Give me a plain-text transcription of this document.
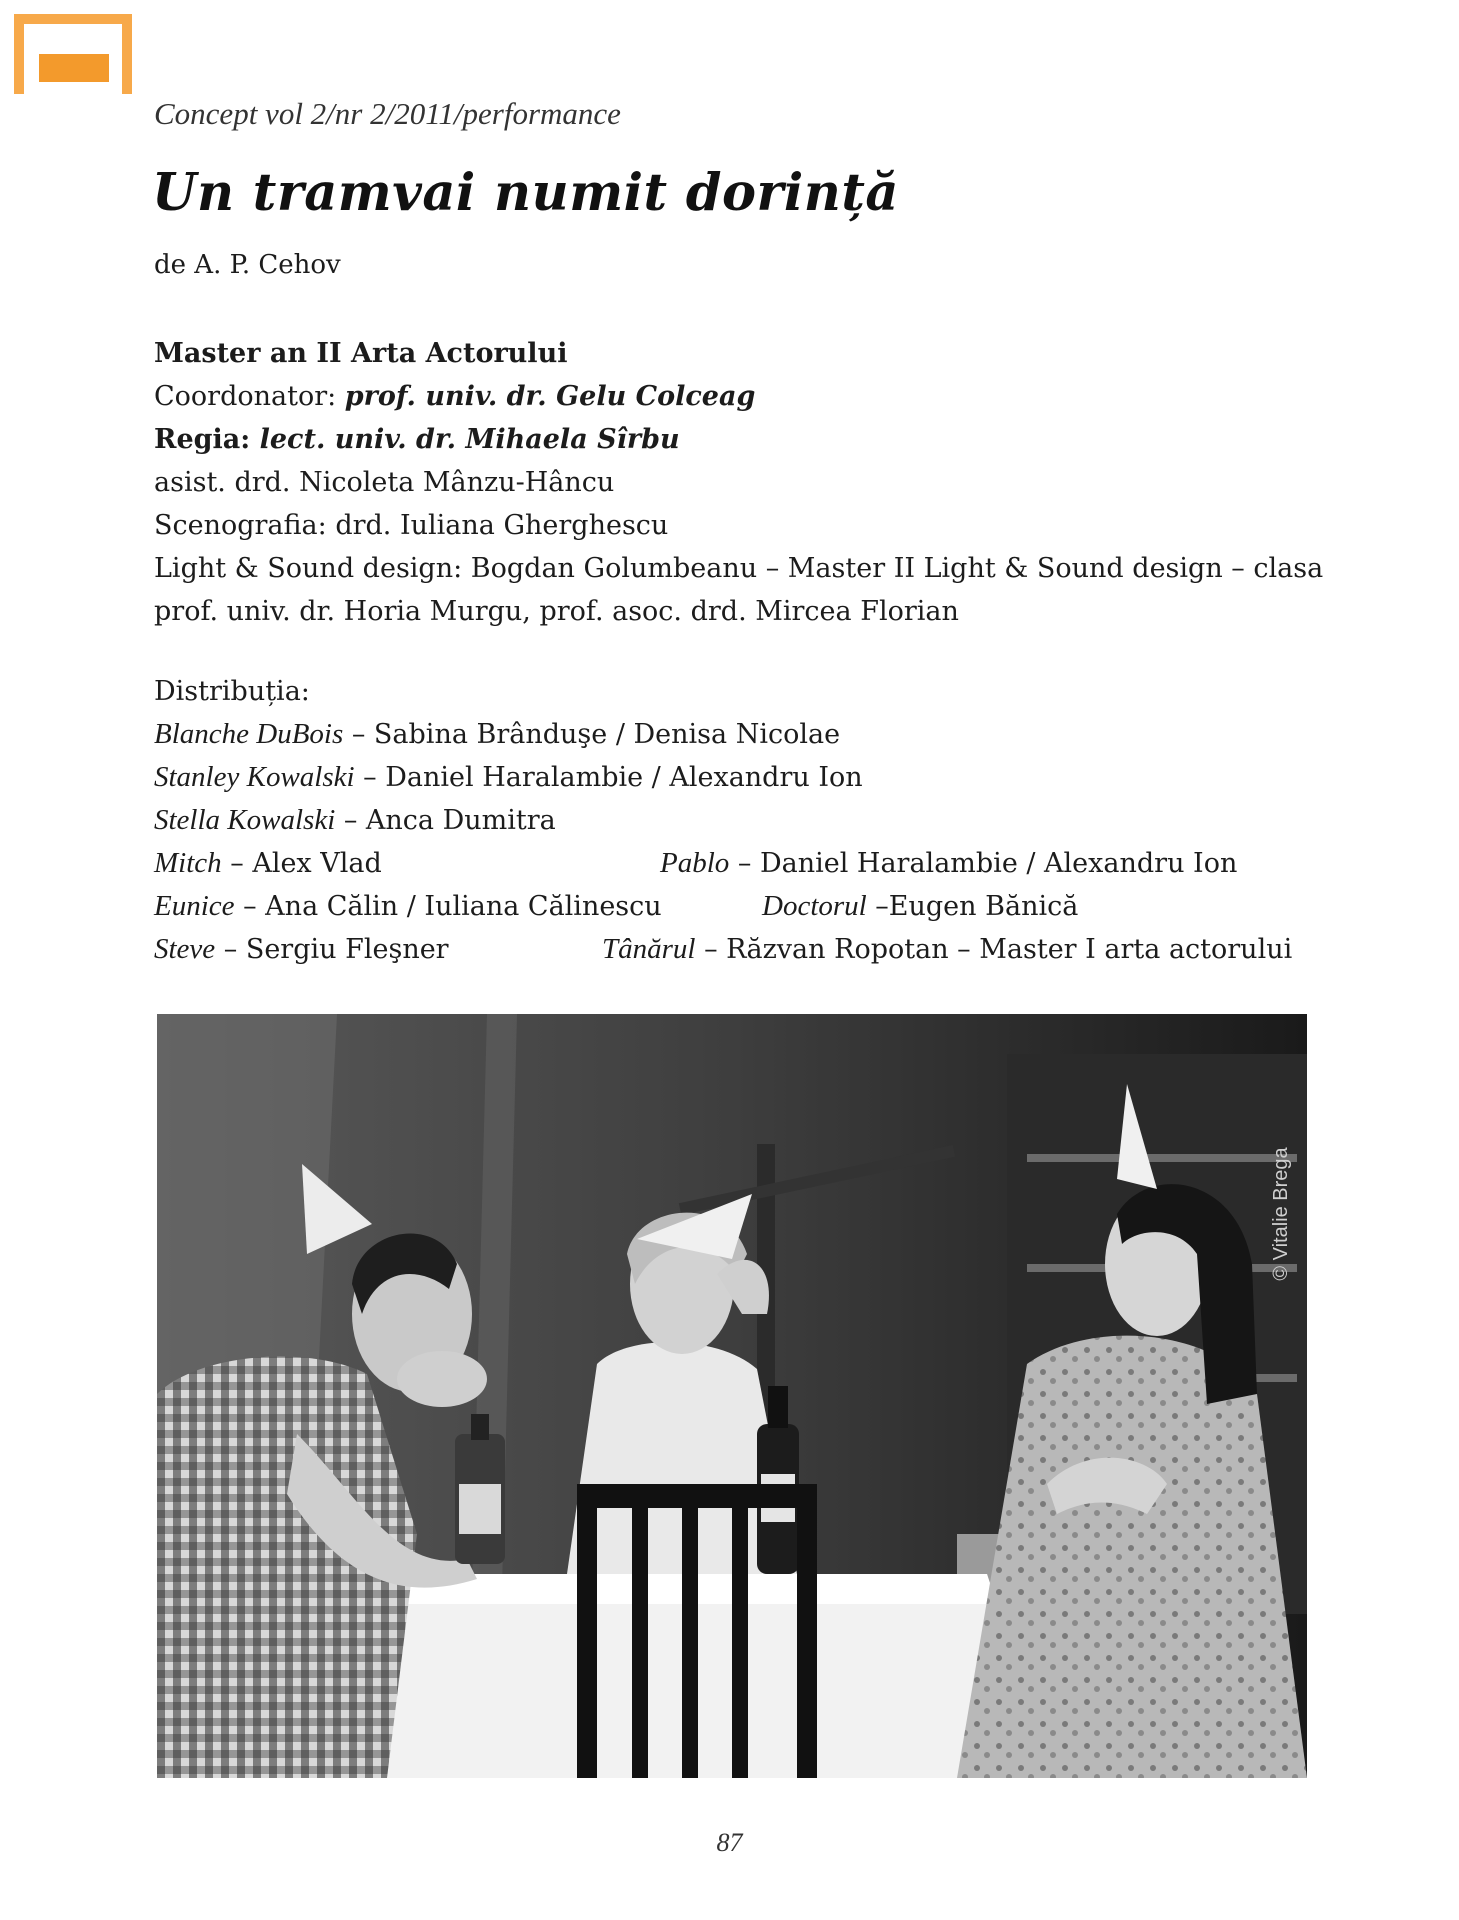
Concept vol 2/nr 2/2011/performance
Un tramvai numit dorință
de A. P. Cehov
Master an II Arta Actorului
Coordonator: prof. univ. dr. Gelu Colceag
Regia: lect. univ. dr. Mihaela Sîrbu
asist. drd. Nicoleta Mânzu-Hâncu
Scenografia: drd. Iuliana Gherghescu
Light & Sound design: Bogdan Golumbeanu – Master II Light & Sound design – clasa
prof. univ. dr. Horia Murgu, prof. asoc. drd. Mircea Florian
Distribuția:
Blanche DuBois – Sabina Brânduşe / Denisa Nicolae
Stanley Kowalski – Daniel Haralambie / Alexandru Ion
Stella Kowalski – Anca Dumitra
Mitch – Alex Vlad	Pablo – Daniel Haralambie / Alexandru Ion
Eunice – Ana Călin / Iuliana Călinescu	Doctorul –Eugen Bănică
Steve – Sergiu Fleşner	Tânărul – Răzvan Ropotan – Master I arta actorului
© Vitalie Brega
87
